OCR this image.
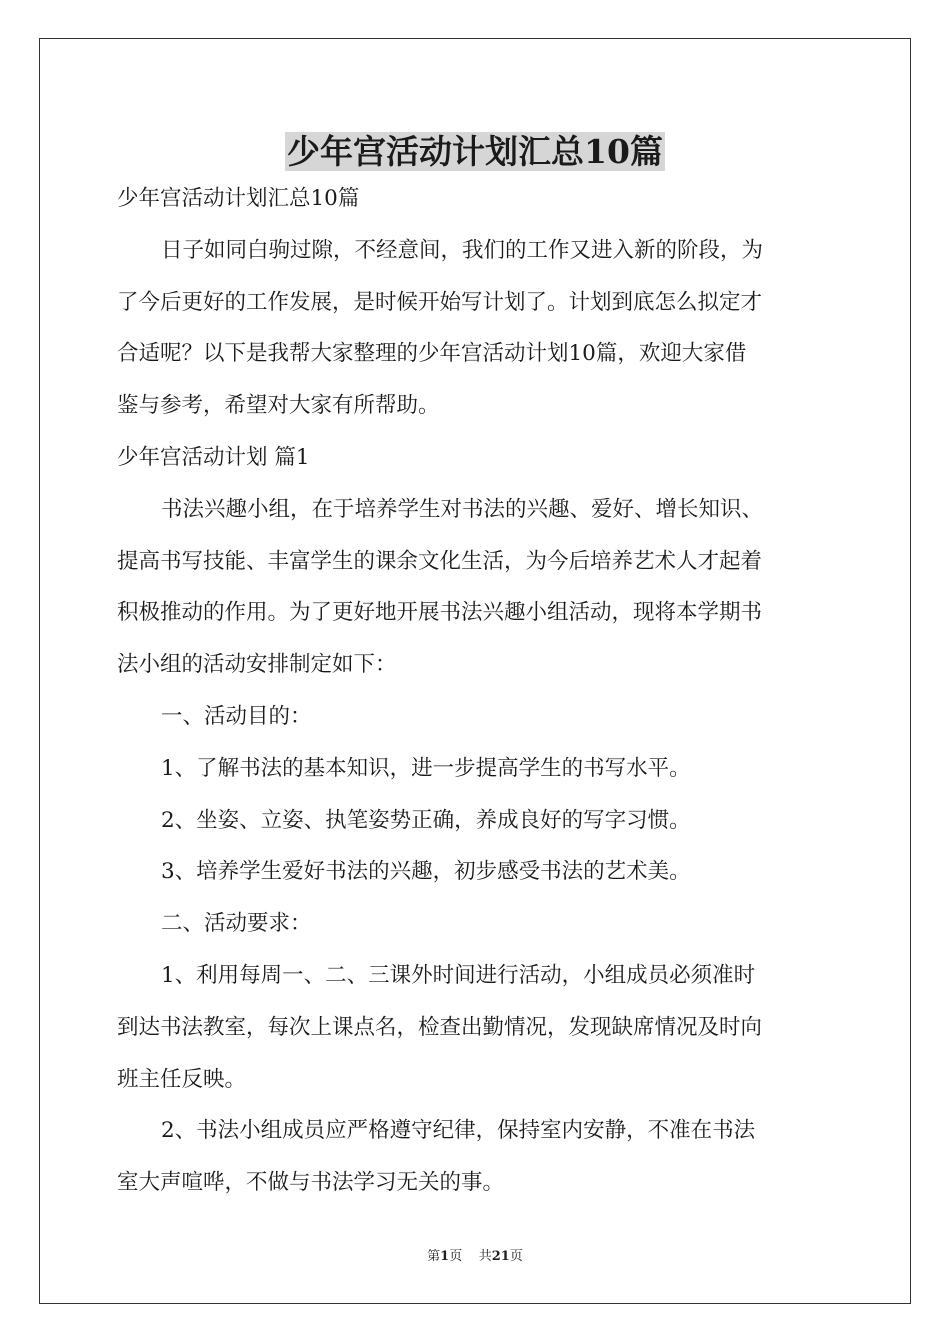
少年宫活动计划汇总10篇

少年宫活动计划汇总10篇

日子如同白驹过隙，不经意间，我们的工作又进入新的阶段，为
了今后更好的工作发展，是时候开始写计划了。计划到底怎么拟定才
合适呢？以下是我帮大家整理的少年宫活动计划10篇，欢迎大家借
鉴与参考，希望对大家有所帮助。

少年宫活动计划 篇1

书法兴趣小组，在于培养学生对书法的兴趣、爱好、增长知识、
提高书写技能、丰富学生的课余文化生活，为今后培养艺术人才起着
积极推动的作用。为了更好地开展书法兴趣小组活动，现将本学期书
法小组的活动安排制定如下：

一、活动目的：

1、了解书法的基本知识，进一步提高学生的书写水平。

2、坐姿、立姿、执笔姿势正确，养成良好的写字习惯。

3、培养学生爱好书法的兴趣，初步感受书法的艺术美。

二、活动要求：

1、利用每周一、二、三课外时间进行活动，小组成员必须准时
到达书法教室，每次上课点名，检查出勤情况，发现缺席情况及时向
班主任反映。

2、书法小组成员应严格遵守纪律，保持室内安静，不准在书法
室大声喧哗，不做与书法学习无关的事。

第1页 共21页
